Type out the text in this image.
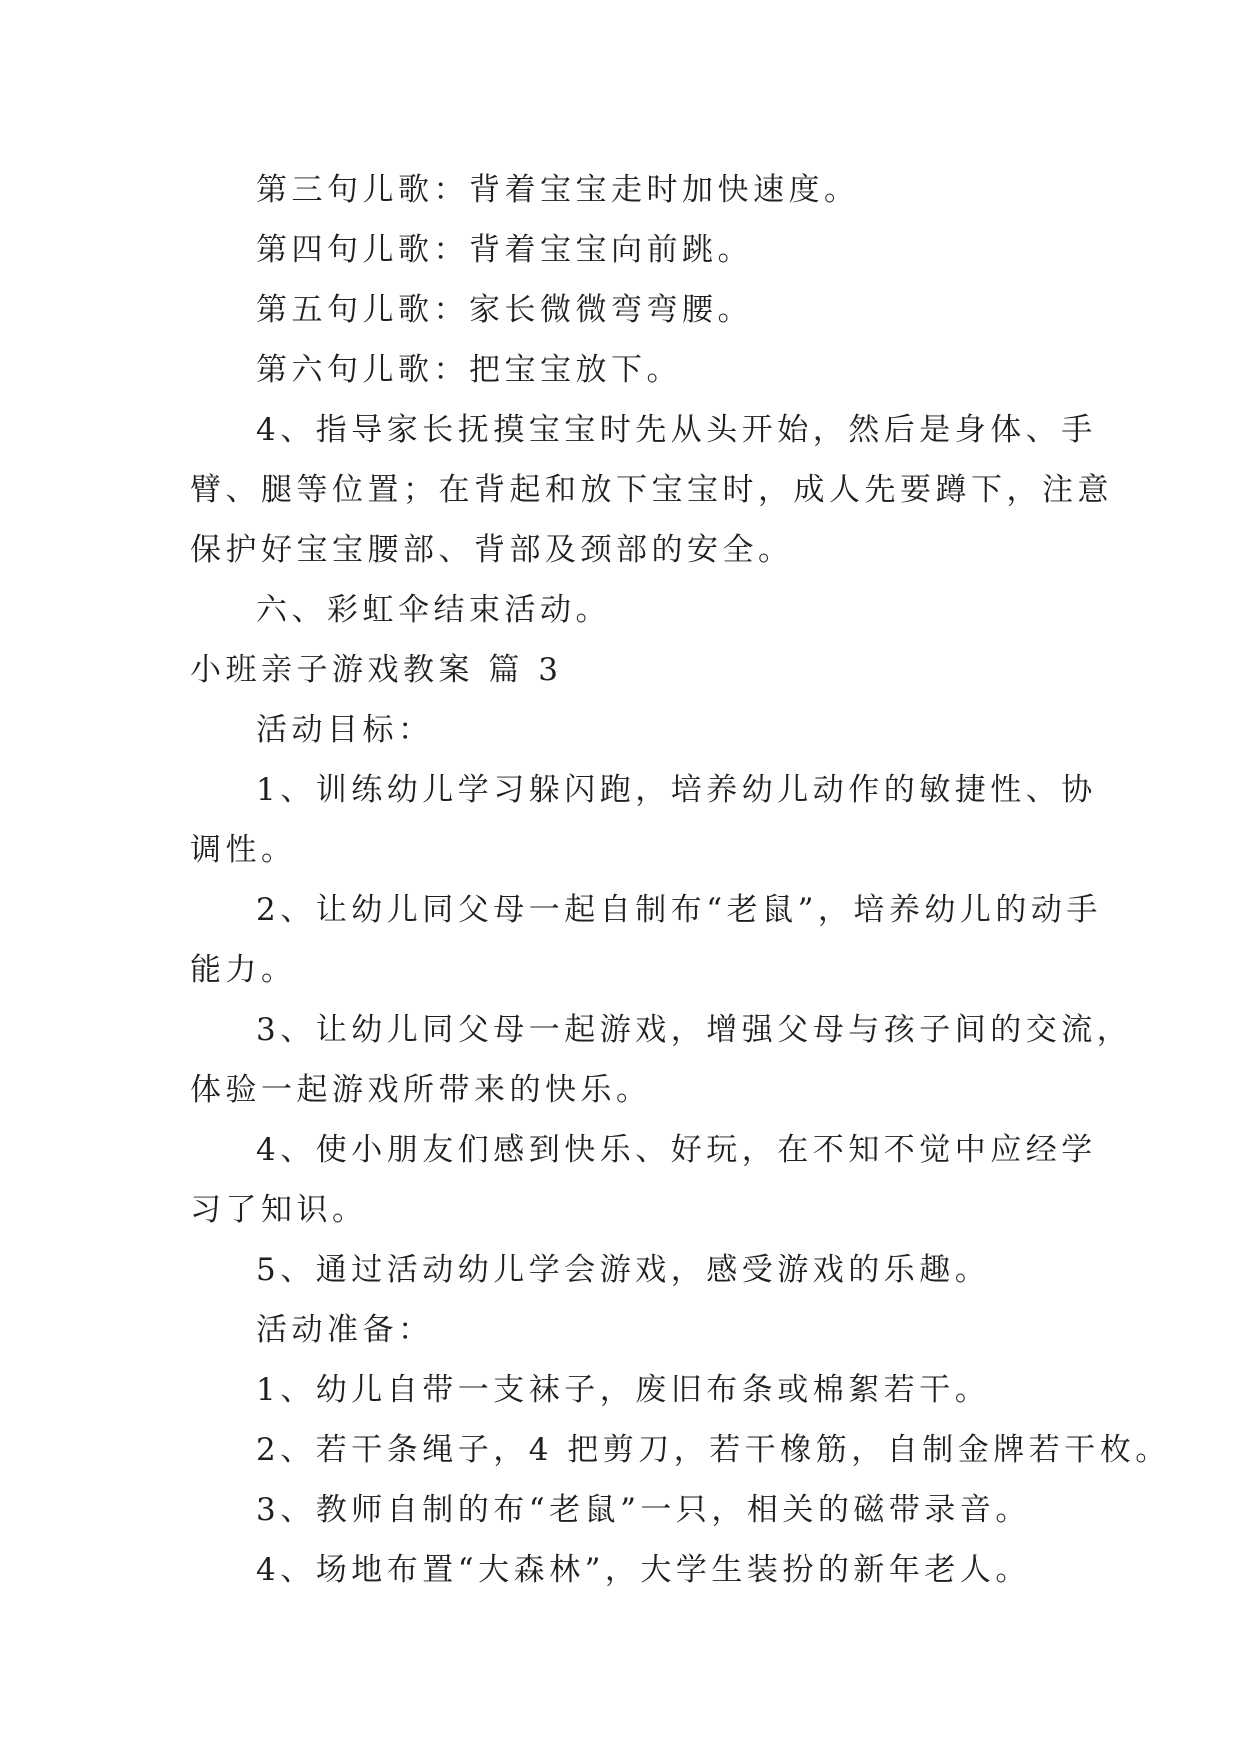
第三句儿歌：背着宝宝走时加快速度。

第四句儿歌：背着宝宝向前跳。

第五句儿歌：家长微微弯弯腰。

第六句儿歌：把宝宝放下。

4、指导家长抚摸宝宝时先从头开始，然后是身体、手

臂、腿等位置；在背起和放下宝宝时，成人先要蹲下，注意

保护好宝宝腰部、背部及颈部的安全。

六、彩虹伞结束活动。

小班亲子游戏教案 篇 3

活动目标：

1、训练幼儿学习躲闪跑，培养幼儿动作的敏捷性、协

调性。

2、让幼儿同父母一起自制布“老鼠”，培养幼儿的动手

能力。

3、让幼儿同父母一起游戏，增强父母与孩子间的交流，

体验一起游戏所带来的快乐。

4、使小朋友们感到快乐、好玩，在不知不觉中应经学

习了知识。

5、通过活动幼儿学会游戏，感受游戏的乐趣。

活动准备：

1、幼儿自带一支袜子，废旧布条或棉絮若干。

2、若干条绳子，4 把剪刀，若干橡筋，自制金牌若干枚。

3、教师自制的布“老鼠”一只，相关的磁带录音。

4、场地布置“大森林”，大学生装扮的新年老人。
